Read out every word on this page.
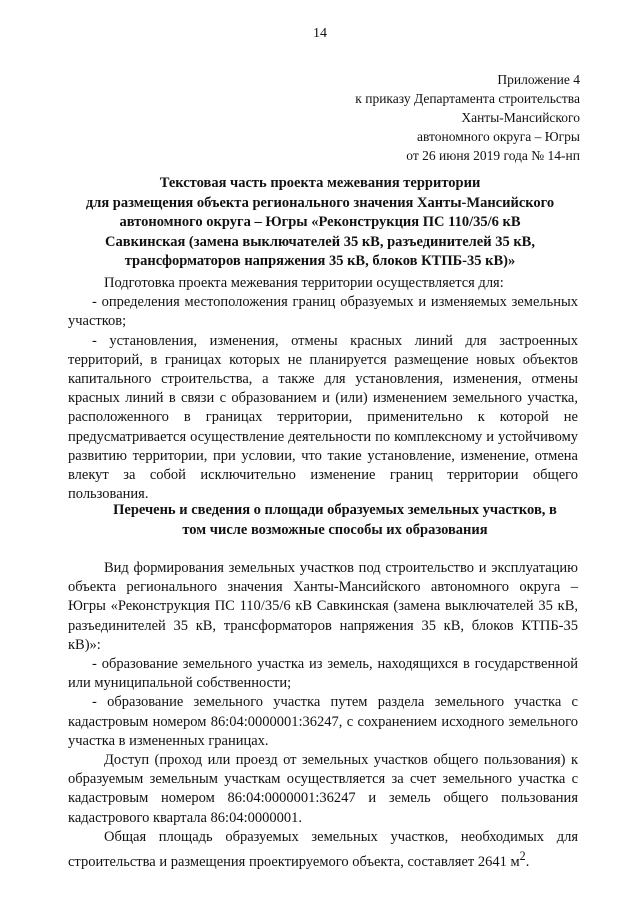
14
Приложение 4
к приказу Департамента строительства
Ханты-Мансийского
автономного округа – Югры
от 26 июня 2019 года № 14-нп
Текстовая часть проекта межевания территории
для размещения объекта регионального значения Ханты-Мансийского
автономного округа – Югры «Реконструкция ПС 110/35/6 кВ
Савкинская (замена выключателей 35 кВ, разъединителей 35 кВ,
трансформаторов напряжения 35 кВ, блоков КТПБ-35 кВ)»

Подготовка проекта межевания территории осуществляется для:

- определения местоположения границ образуемых и изменяемых земельных участков;

- установления, изменения, отмены красных линий для застроенных территорий, в границах которых не планируется размещение новых объектов капитального строительства, а также для установления, изменения, отмены красных линий в связи с образованием и (или) изменением земельного участка, расположенного в границах территории, применительно к которой не предусматривается осуществление деятельности по комплексному и устойчивому развитию территории, при условии, что такие установление, изменение, отмена влекут за собой исключительно изменение границ территории общего пользования.

Перечень и сведения о площади образуемых земельных участков, в
том числе возможные способы их образования

Вид формирования земельных участков под строительство и эксплуатацию объекта регионального значения Ханты-Мансийского автономного округа – Югры «Реконструкция ПС 110/35/6 кВ Савкинская (замена выключателей 35 кВ, разъединителей 35 кВ, трансформаторов напряжения 35 кВ, блоков КТПБ-35 кВ)»:

- образование земельного участка из земель, находящихся в государственной или муниципальной собственности;

- образование земельного участка путем раздела земельного участка с кадастровым номером 86:04:0000001:36247, с сохранением исходного земельного участка в измененных границах.

Доступ (проход или проезд от земельных участков общего пользования) к образуемым земельным участкам осуществляется за счет земельного участка с кадастровым номером 86:04:0000001:36247 и земель общего пользования кадастрового квартала 86:04:0000001.

Общая площадь образуемых земельных участков, необходимых для строительства и размещения проектируемого объекта, составляет 2641 $м^2$.
